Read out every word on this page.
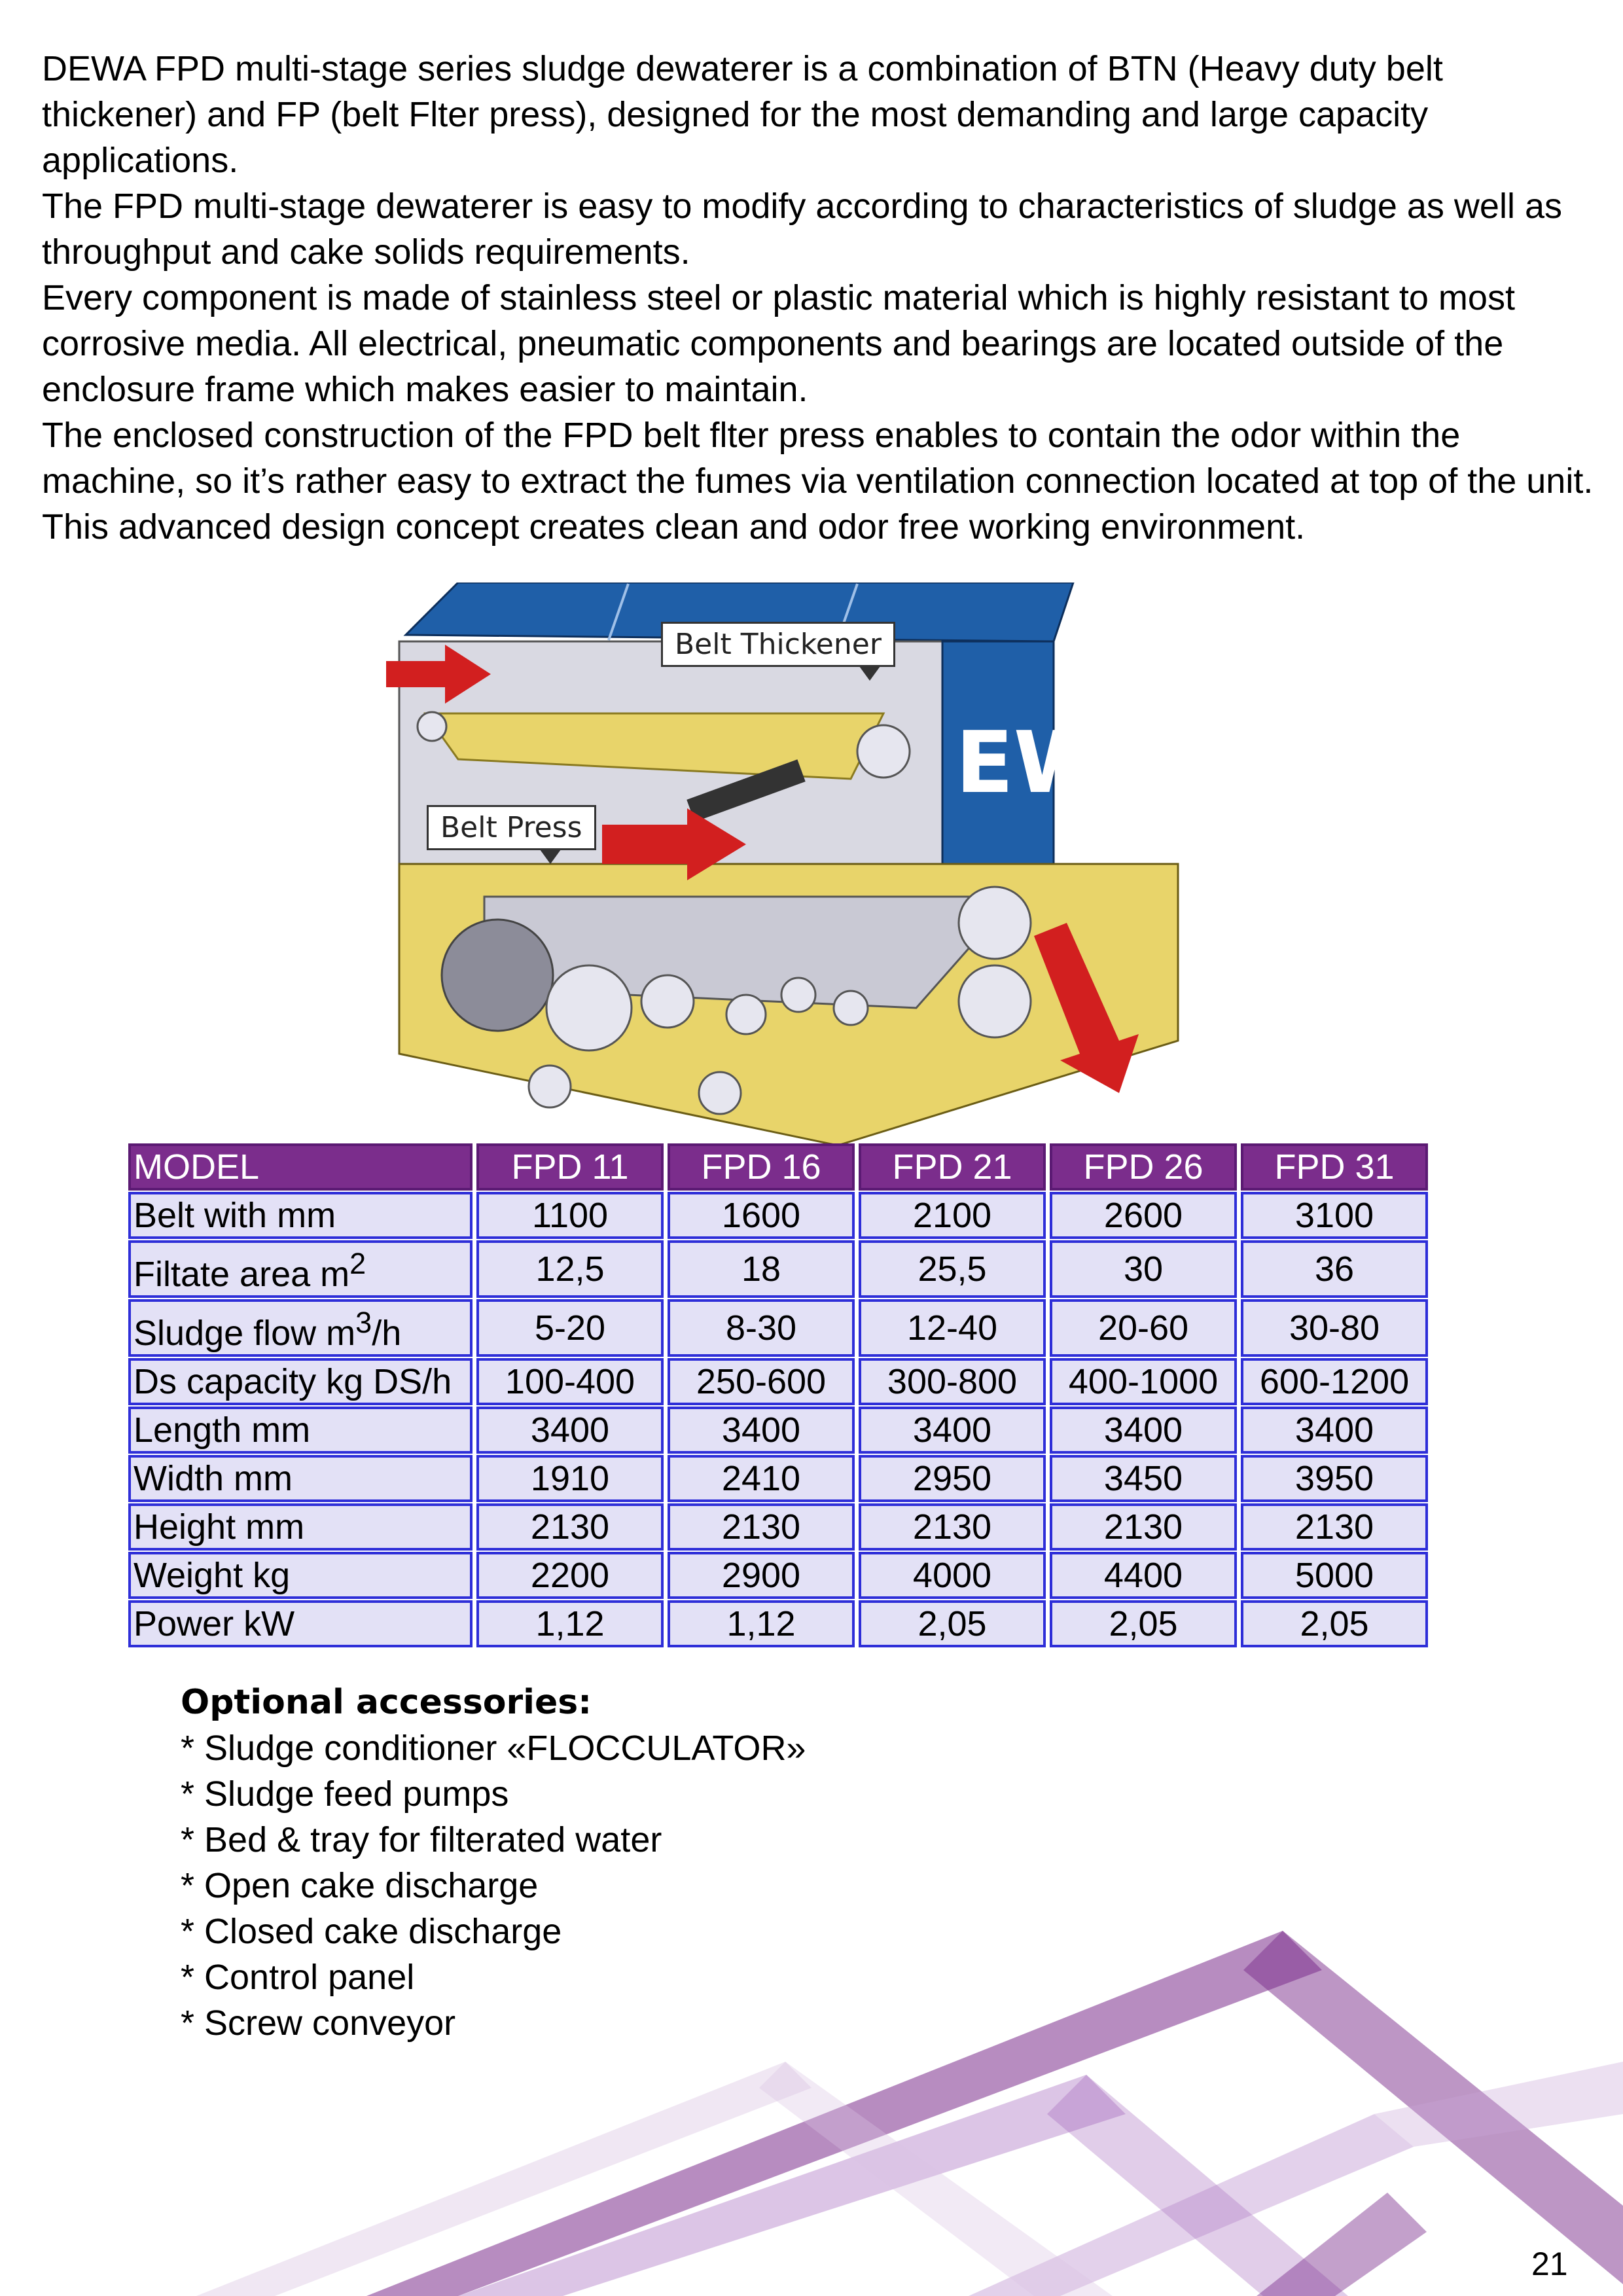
DEWA FPD multi-stage series sludge dewaterer is a combination of BTN (Heavy duty belt thickener) and FP (belt Flter press), designed for the most demanding and large capacity applications.

The FPD multi-stage dewaterer is easy to modify according to characteristics of sludge as well as throughput and cake solids requirements.

Every component is made of stainless steel or plastic material which is highly resistant to most corrosive media. All electrical, pneumatic components and bearings are located outside of the enclosure frame which makes easier to maintain.

The enclosed construction of the FPD belt flter press enables to contain the odor within the machine, so it’s rather easy to extract the fumes via ventilation connection located at top of the unit. This advanced design concept creates clean and odor free working environment.

EWA
Belt Thickener
Belt Press
MODEL	FPD 11	FPD 16	FPD 21	FPD 26	FPD 31
Belt with mm	1100	1600	2100	2600	3100
Filtate area $m^2$	12,5	18	25,5	30	36
Sludge flow $m^3/h$	5-20	8-30	12-40	20-60	30-80
Ds capacity kg DS/h	100-400	250-600	300-800	400-1000	600-1200
Length mm	3400	3400	3400	3400	3400
Width mm	1910	2410	2950	3450	3950
Height mm	2130	2130	2130	2130	2130
Weight kg	2200	2900	4000	4400	5000
Power kW	1,12	1,12	2,05	2,05	2,05
Optional accessories:
* Sludge conditioner «FLOCCULATOR»
* Sludge feed pumps
* Bed & tray for filterated water
* Open cake discharge
* Closed cake discharge
* Control panel
* Screw conveyor
21
